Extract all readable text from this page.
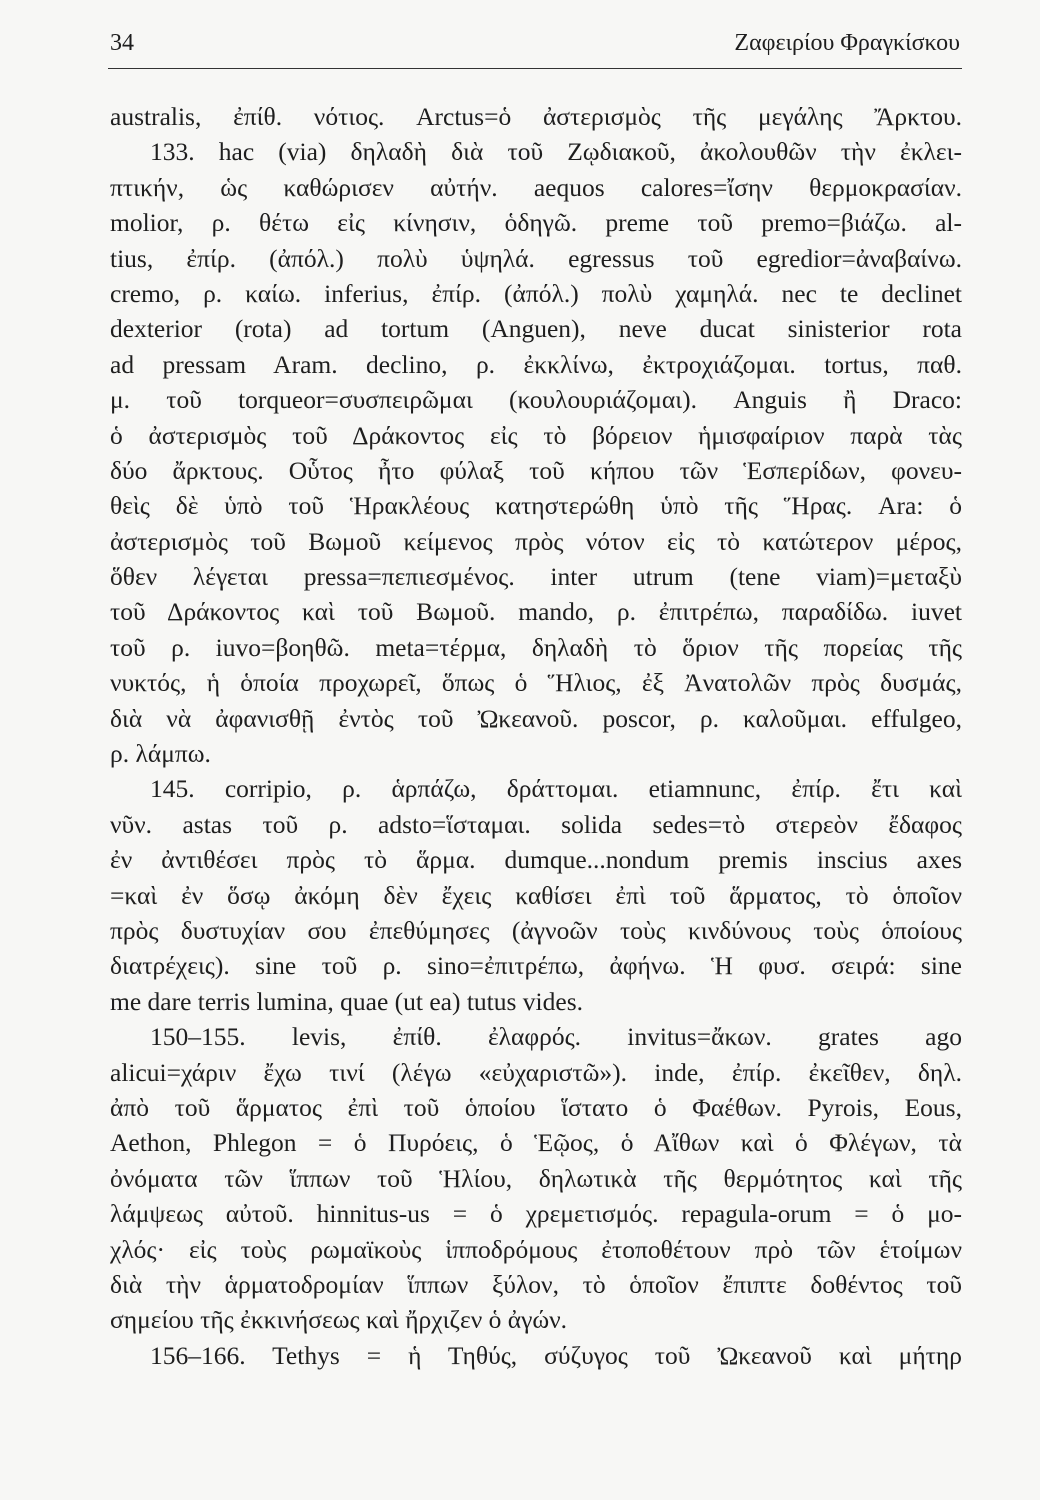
34	Ζαφειρίου Φραγκίσκου
australis, ἐπίθ. νότιος. Arctus=ὁ ἀστερισμὸς τῆς μεγάλης Ἄρκτου.
133. hac (via) δηλαδὴ διὰ τοῦ Ζῳδιακοῦ, ἀκολουθῶν τὴν ἐκλει-
πτικήν, ὡς καθώρισεν αὐτήν. aequos calores=ἴσην θερμοκρασίαν.
molior, ρ. θέτω εἰς κίνησιν, ὁδηγῶ. preme τοῦ premo=βιάζω. al-
tius, ἐπίρ. (ἀπόλ.) πολὺ ὑψηλά. egressus τοῦ egredior=ἀναβαίνω.
cremo, ρ. καίω. inferius, ἐπίρ. (ἀπόλ.) πολὺ χαμηλά. nec te declinet
dexterior (rota) ad tortum (Anguen), neve ducat sinisterior rota
ad pressam Aram. declino, ρ. ἐκκλίνω, ἐκτροχιάζομαι. tortus, παθ.
μ. τοῦ torqueor=συσπειρῶμαι (κουλουριάζομαι). Anguis ἢ Draco:
ὁ ἀστερισμὸς τοῦ Δράκοντος εἰς τὸ βόρειον ἡμισφαίριον παρὰ τὰς
δύο ἄρκτους. Οὗτος ἦτο φύλαξ τοῦ κήπου τῶν Ἑσπερίδων, φονευ-
θεὶς δὲ ὑπὸ τοῦ Ἡρακλέους κατηστερώθη ὑπὸ τῆς Ἥρας. Ara: ὁ
ἀστερισμὸς τοῦ Βωμοῦ κείμενος πρὸς νότον εἰς τὸ κατώτερον μέρος,
ὅθεν λέγεται pressa=πεπιεσμένος. inter utrum (tene viam)=μεταξὺ
τοῦ Δράκοντος καὶ τοῦ Βωμοῦ. mando, ρ. ἐπιτρέπω, παραδίδω. iuvet
τοῦ ρ. iuvo=βοηθῶ. meta=τέρμα, δηλαδὴ τὸ ὅριον τῆς πορείας τῆς
νυκτός, ἡ ὁποία προχωρεῖ, ὅπως ὁ Ἥλιος, ἐξ Ἀνατολῶν πρὸς δυσμάς,
διὰ νὰ ἀφανισθῇ ἐντὸς τοῦ Ὠκεανοῦ. poscor, ρ. καλοῦμαι. effulgeo,
ρ. λάμπω.
145. corripio, ρ. ἁρπάζω, δράττομαι. etiamnunc, ἐπίρ. ἔτι καὶ
νῦν. astas τοῦ ρ. adsto=ἵσταμαι. solida sedes=τὸ στερεὸν ἔδαφος
ἐν ἀντιθέσει πρὸς τὸ ἅρμα. dumque...nondum premis inscius axes
=καὶ ἐν ὅσῳ ἀκόμη δὲν ἔχεις καθίσει ἐπὶ τοῦ ἅρματος, τὸ ὁποῖον
πρὸς δυστυχίαν σου ἐπεθύμησες (ἀγνοῶν τοὺς κινδύνους τοὺς ὁποίους
διατρέχεις). sine τοῦ ρ. sino=ἐπιτρέπω, ἀφήνω. Ἡ φυσ. σειρά: sine
me dare terris lumina, quae (ut ea) tutus vides.
150–155. levis, ἐπίθ. ἐλαφρός. invitus=ἄκων. grates ago
alicui=χάριν ἔχω τινί (λέγω «εὐχαριστῶ»). inde, ἐπίρ. ἐκεῖθεν, δηλ.
ἀπὸ τοῦ ἅρματος ἐπὶ τοῦ ὁποίου ἵστατο ὁ Φαέθων. Pyrois, Eous,
Aethon, Phlegon = ὁ Πυρόεις, ὁ Ἑῷος, ὁ Αἴθων καὶ ὁ Φλέγων, τὰ
ὀνόματα τῶν ἵππων τοῦ Ἡλίου, δηλωτικὰ τῆς θερμότητος καὶ τῆς
λάμψεως αὐτοῦ. hinnitus-us = ὁ χρεμετισμός. repagula-orum = ὁ μο-
χλός· εἰς τοὺς ρωμαϊκοὺς ἱπποδρόμους ἐτοποθέτουν πρὸ τῶν ἑτοίμων
διὰ τὴν ἁρματοδρομίαν ἵππων ξύλον, τὸ ὁποῖον ἔπιπτε δοθέντος τοῦ
σημείου τῆς ἐκκινήσεως καὶ ἤρχιζεν ὁ ἀγών.
156–166. Tethys = ἡ Τηθύς, σύζυγος τοῦ Ὠκεανοῦ καὶ μήτηρ
